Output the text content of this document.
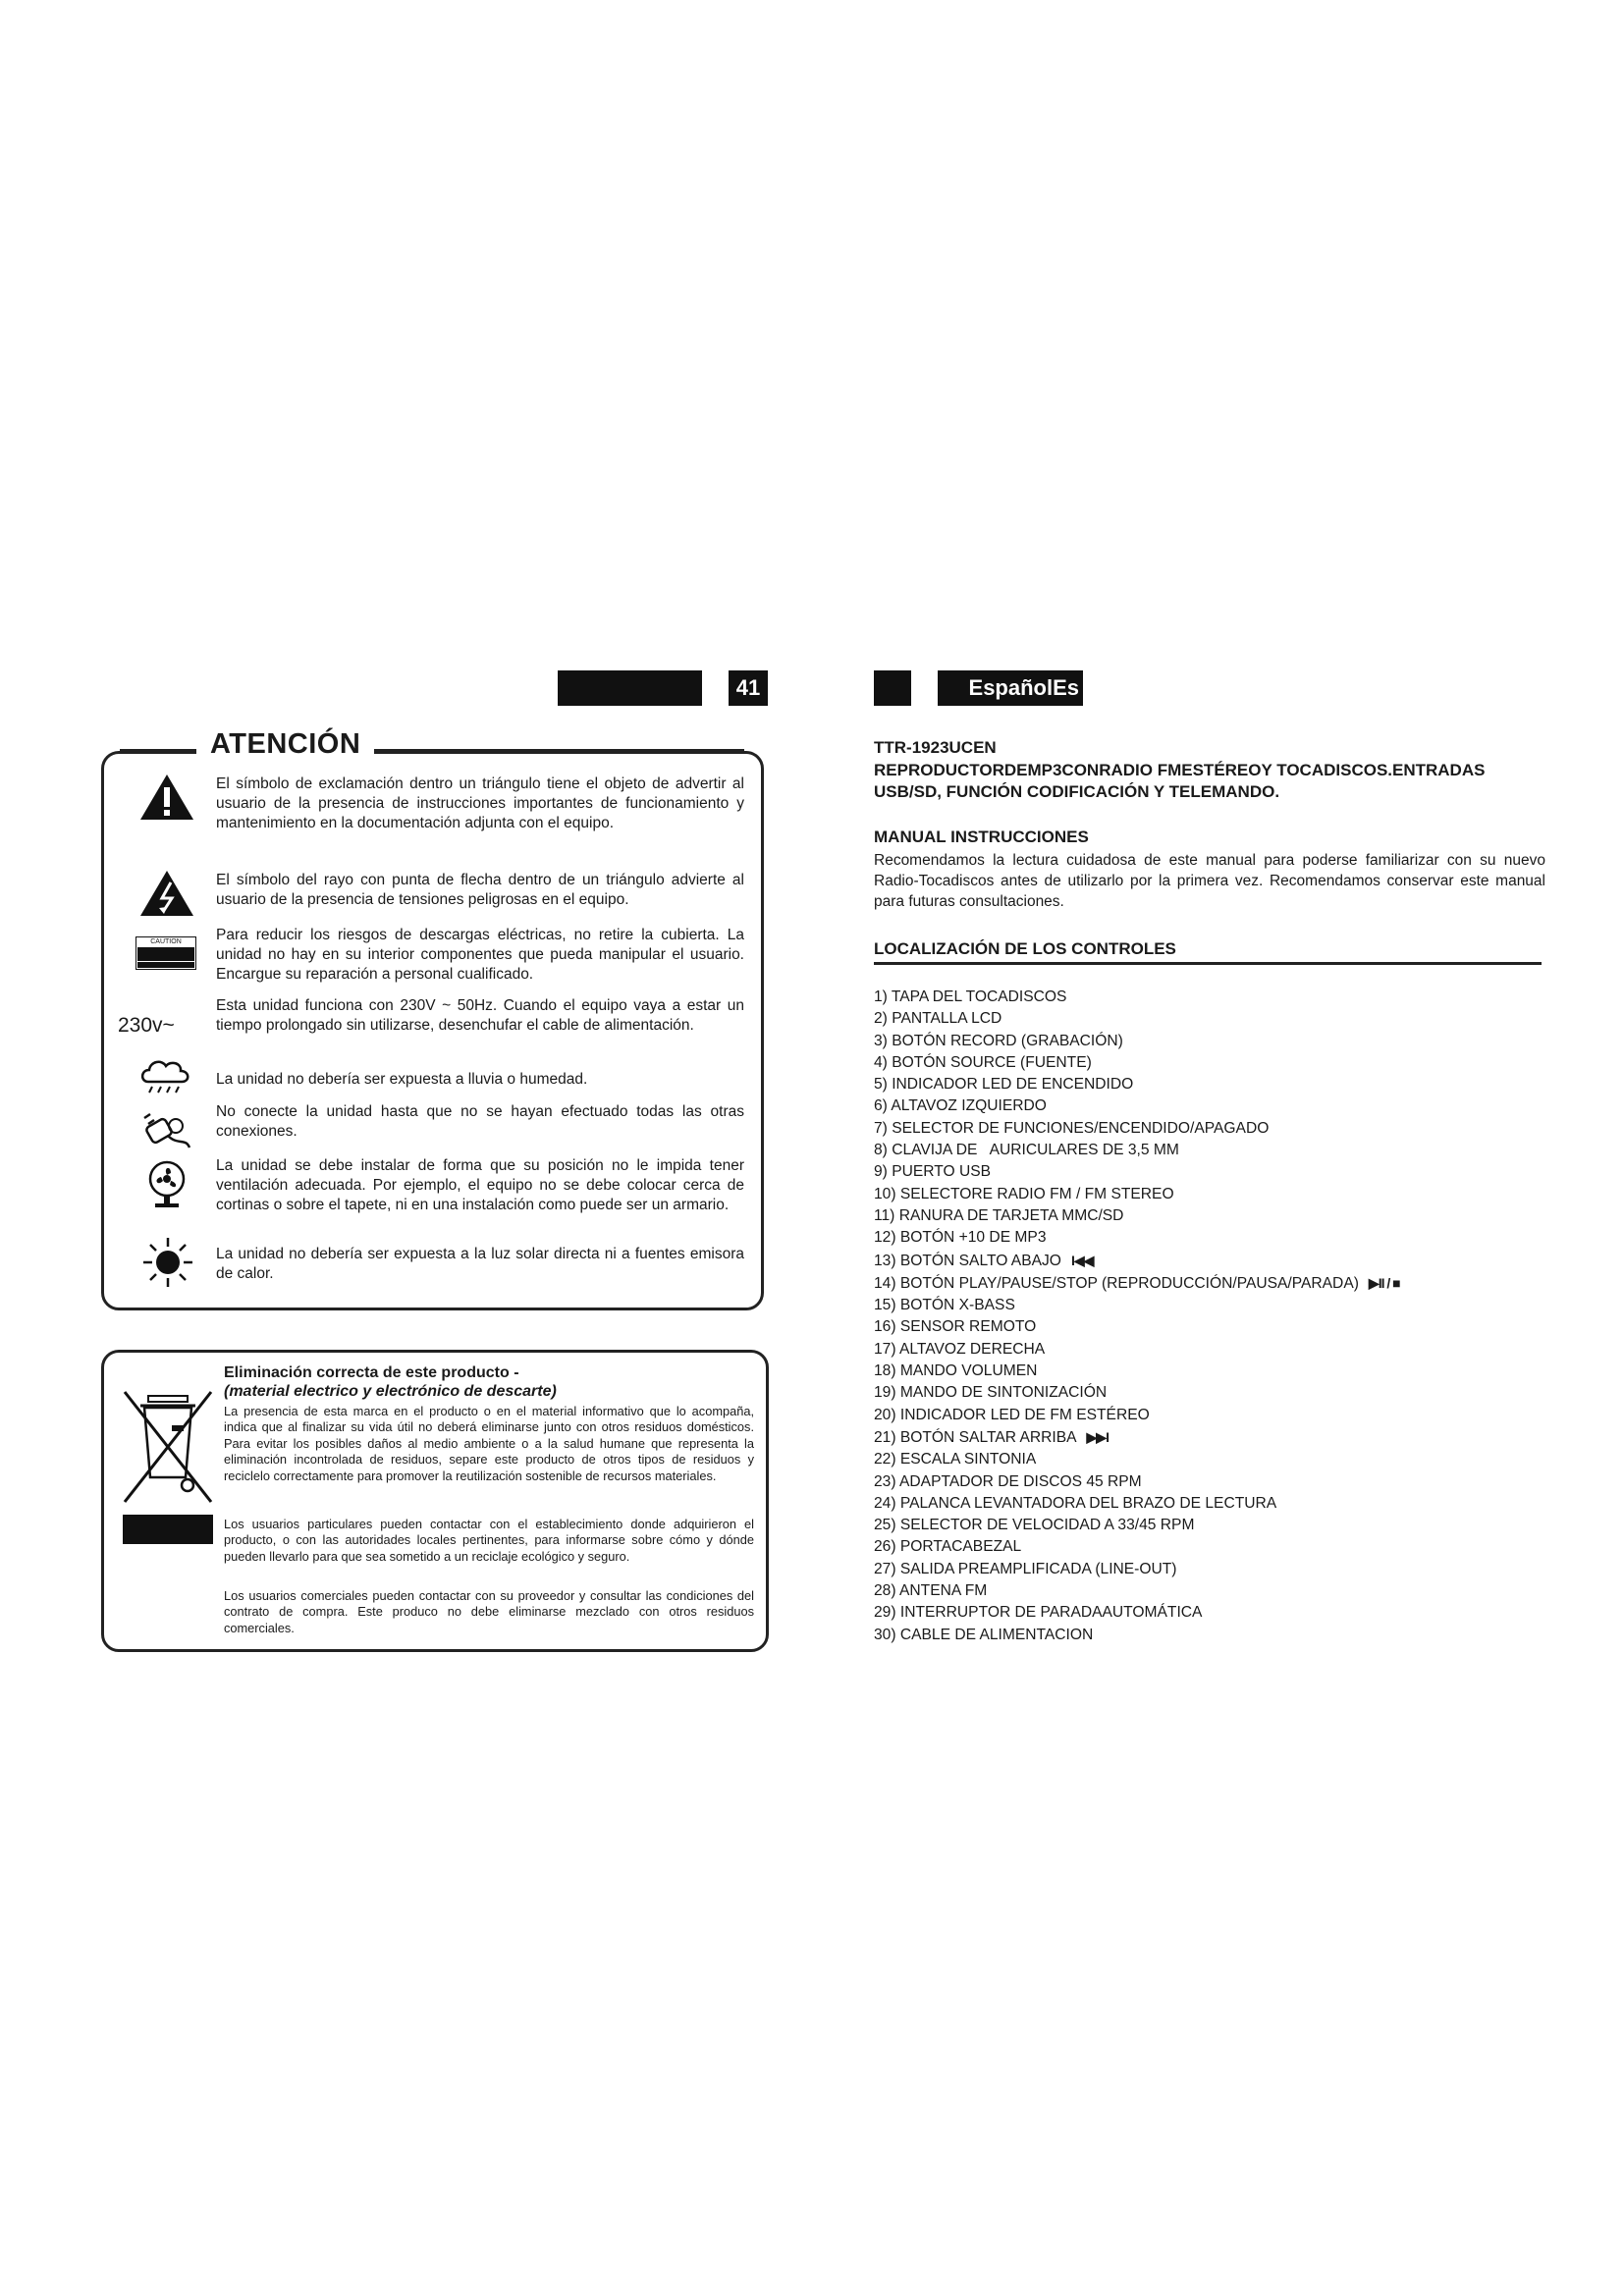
41	EspañolEs
ATENCIÓN
El símbolo de exclamación dentro un triángulo tiene el objeto de advertir al usuario de la presencia de instrucciones importantes de funcionamiento y mantenimiento en la documentación adjunta con el equipo.
El símbolo del rayo con punta de flecha dentro de un triángulo advierte al usuario de la presencia de tensiones peligrosas en el equipo.
CAUTION	Para reducir los riesgos de descargas eléctricas, no retire la cubierta. La unidad no hay en su interior componentes que pueda manipular el usuario. Encargue su reparación a personal cualificado.
230v~
Esta unidad funciona con 230V ~ 50Hz. Cuando el equipo vaya a estar un tiempo prolongado sin utilizarse, desenchufar el cable de alimentación.
La unidad no debería ser expuesta a lluvia o humedad.
No conecte la unidad hasta que no se hayan efectuado todas las otras conexiones.
La unidad se debe instalar de forma que su posición no le impida tener ventilación adecuada. Por ejemplo, el equipo no se debe colocar cerca de cortinas o sobre el tapete, ni en una instalación como puede ser un armario.
La unidad no debería ser expuesta a la luz solar directa ni a fuentes emisora de calor.
Eliminación correcta de este producto -
(material electrico y electrónico de descarte)
La presencia de esta marca en el producto o en el material informativo que lo acompaña, indica que al finalizar su vida útil no deberá eliminarse junto con otros residuos domésticos. Para evitar los posibles daños al medio ambiente o a la salud humane que representa la eliminación incontrolada de residuos, separe este producto de otros tipos de residuos y reciclelo correctamente para promover la reutilización sostenible de recursos materiales.
Los usuarios particulares pueden contactar con el establecimiento donde adquirieron el producto, o con las autoridades locales pertinentes, para informarse sobre cómo y dónde pueden llevarlo para que sea sometido a un reciclaje ecológico y seguro.
Los usuarios comerciales pueden contactar con su proveedor y consultar las condiciones del contrato de compra. Este produco no debe eliminarse mezclado con otros residuos comerciales.
TTR-1923UCEN
REPRODUCTORDEMP3CONRADIO FMESTÉREOY TOCADISCOS.ENTRADAS USB/SD, FUNCIÓN CODIFICACIÓN Y TELEMANDO.
MANUAL INSTRUCCIONES
Recomendamos la lectura cuidadosa de este manual para poderse familiarizar con su nuevo Radio-Tocadiscos antes de utilizarlo por la primera vez. Recomendamos conservar este manual para futuras consultaciones.
LOCALIZACIÓN DE LOS CONTROLES
1) TAPA DEL TOCADISCOS
2) PANTALLA LCD
3) BOTÓN RECORD (GRABACIÓN)
4) BOTÓN SOURCE (FUENTE)
5) INDICADOR LED DE ENCENDIDO
6) ALTAVOZ IZQUIERDO
7) SELECTOR DE FUNCIONES/ENCENDIDO/APAGADO
8) CLAVIJA DE   AURICULARES DE 3,5 MM
9) PUERTO USB
10) SELECTORE RADIO FM / FM STEREO
11) RANURA DE TARJETA MMC/SD
12) BOTÓN +10 DE MP3
13) BOTÓN SALTO ABAJO I◀◀
14) BOTÓN PLAY/PAUSE/STOP (REPRODUCCIÓN/PAUSA/PARADA) ▶II / ■
15) BOTÓN X-BASS
16) SENSOR REMOTO
17) ALTAVOZ DERECHA
18) MANDO VOLUMEN
19) MANDO DE SINTONIZACIÓN
20) INDICADOR LED DE FM ESTÉREO
21) BOTÓN SALTAR ARRIBA ▶▶I
22) ESCALA SINTONIA
23) ADAPTADOR DE DISCOS 45 RPM
24) PALANCA LEVANTADORA DEL BRAZO DE LECTURA
25) SELECTOR DE VELOCIDAD A 33/45 RPM
26) PORTACABEZAL
27) SALIDA PREAMPLIFICADA (LINE-OUT)
28) ANTENA FM
29) INTERRUPTOR DE PARADAAUTOMÁTICA
30) CABLE DE ALIMENTACION
